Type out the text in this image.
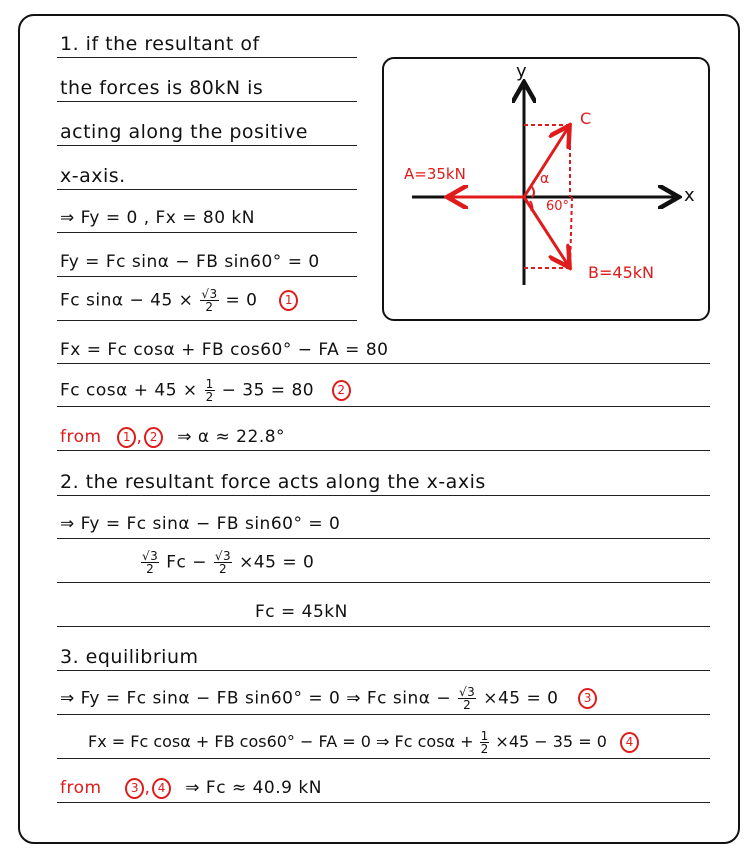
1. if the resultant of
the forces is 80kN is
acting along the positive
x-axis.
⇒ Fy = 0 , Fx = 80 kN
Fy = Fc sinα − FB sin60° = 0
Fc $\sin\alpha - 45 \times \frac{√3}{2} = 0$ 1
Fx = Fc cosα + FB cos60° − FA = 80
Fc $\cos\alpha + 45 \times \frac{1}{2} - 35 = 80$ 2
from 1 , 2 ⇒ α ≈ 22.8°
y
x
C
A=35kN	α
60°
B=45kN
2. the resultant force acts along the x-axis
⇒ Fy = Fc sinα − FB sin60° = 0
$\frac{√3}{2}$ $Fc - \frac{√3}{2} \times 45 = 0$
Fc = 45kN
3. equilibrium
⇒ Fy = Fc sinα − FB sin60° = 0 ⇒ Fc $\sin\alpha - \frac{√3}{2} \times 45 = 0$ 3
Fx = Fc cosα + FB cos60° − FA = 0 ⇒ Fc $\cos\alpha + \frac{1}{2} \times 45 - 35 = 0$ 4
from 3 , 4 ⇒ Fc ≈ 40.9 kN
